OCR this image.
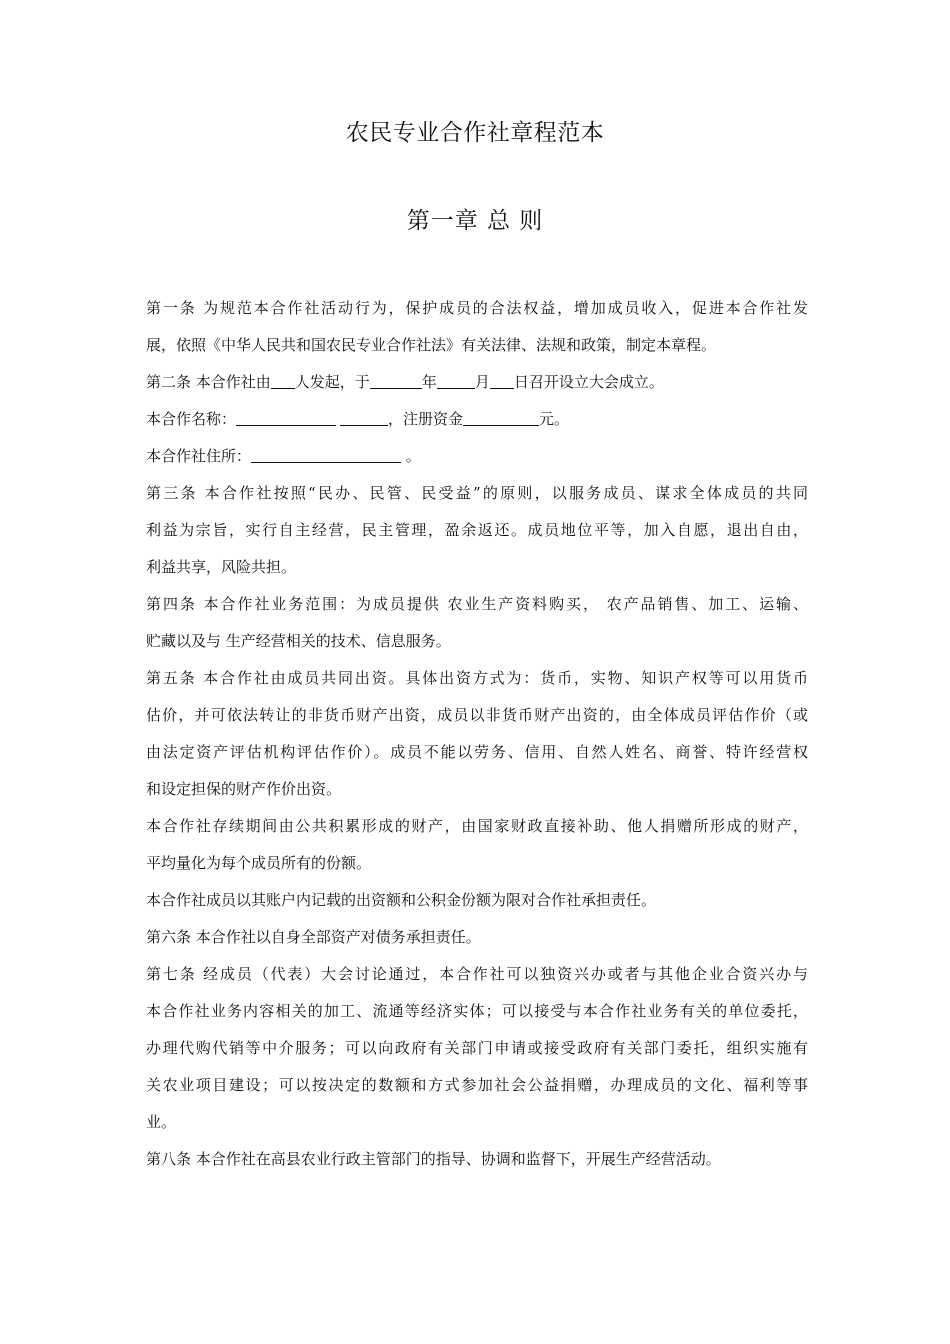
农民专业合作社章程范本
第一章 总 则
第一条 为规范本合作社活动行为，保护成员的合法权益，增加成员收入，促进本合作社发
展，依照《中华人民共和国农民专业合作社法》有关法律、法规和政策，制定本章程。
第二条 本合作社由 人发起，于	年	月 日召开设立大会成立。
本合作名称：	，注册资金	元。
本合作社住所：	。
第三条 本合作社按照“民办、民管、民受益”的原则，以服务成员、谋求全体成员的共同
利益为宗旨，实行自主经营，民主管理，盈余返还。成员地位平等，加入自愿，退出自由，
利益共享，风险共担。
第四条 本合作社业务范围：为成员提供 农业生产资料购买， 农产品销售、加工、运输、
贮藏以及与 生产经营相关的技术、信息服务。
第五条 本合作社由成员共同出资。具体出资方式为：货币，实物、知识产权等可以用货币
估价，并可依法转让的非货币财产出资，成员以非货币财产出资的，由全体成员评估作价（或
由法定资产评估机构评估作价）。成员不能以劳务、信用、自然人姓名、商誉、特许经营权
和设定担保的财产作价出资。
本合作社存续期间由公共积累形成的财产，由国家财政直接补助、他人捐赠所形成的财产，
平均量化为每个成员所有的份额。
本合作社成员以其账户内记载的出资额和公积金份额为限对合作社承担责任。
第六条 本合作社以自身全部资产对债务承担责任。
第七条 经成员（代表）大会讨论通过，本合作社可以独资兴办或者与其他企业合资兴办与
本合作社业务内容相关的加工、流通等经济实体；可以接受与本合作社业务有关的单位委托，
办理代购代销等中介服务；可以向政府有关部门申请或接受政府有关部门委托，组织实施有
关农业项目建设；可以按决定的数额和方式参加社会公益捐赠，办理成员的文化、福利等事
业。
第八条 本合作社在高县农业行政主管部门的指导、协调和监督下，开展生产经营活动。
